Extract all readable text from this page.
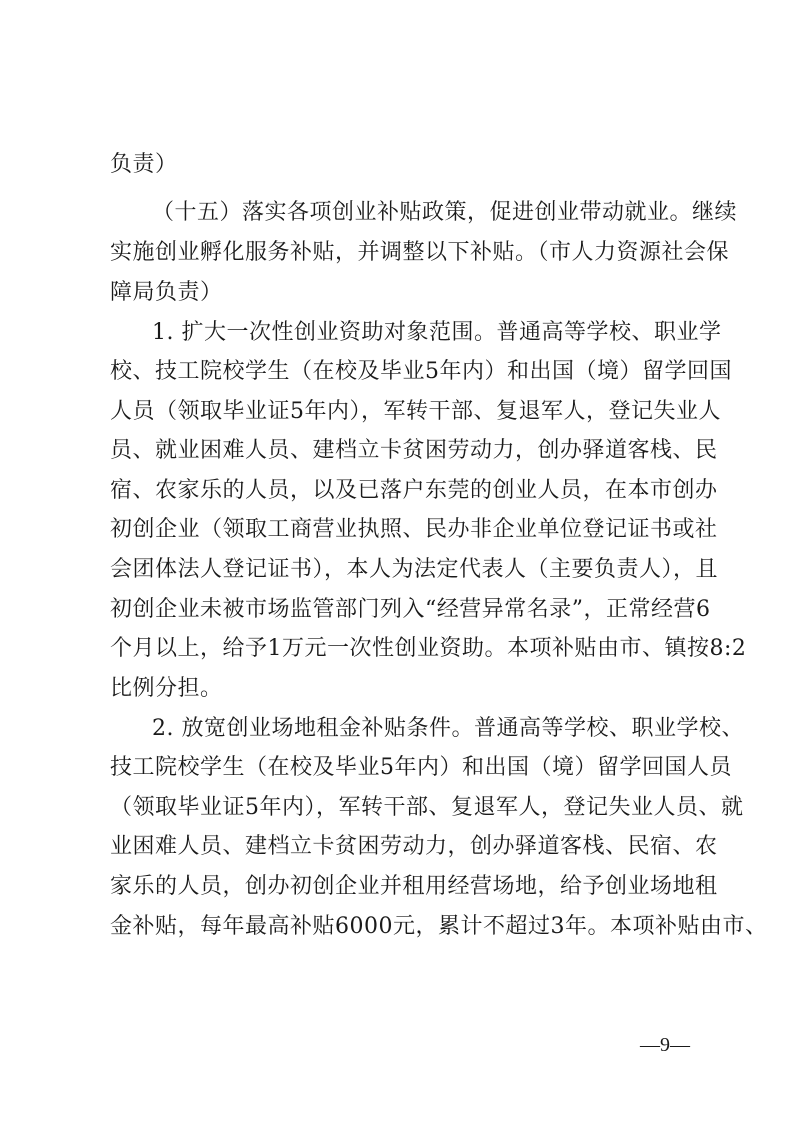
负责）
（十五）落实各项创业补贴政策，促进创业带动就业。继续
实施创业孵化服务补贴，并调整以下补贴。（市人力资源社会保
障局负责）
1. 扩大一次性创业资助对象范围。普通高等学校、职业学
校、技工院校学生（在校及毕业5年内）和出国（境）留学回国
人员（领取毕业证5年内），军转干部、复退军人，登记失业人
员、就业困难人员、建档立卡贫困劳动力，创办驿道客栈、民
宿、农家乐的人员，以及已落户东莞的创业人员，在本市创办
初创企业（领取工商营业执照、民办非企业单位登记证书或社
会团体法人登记证书），本人为法定代表人（主要负责人），且
初创企业未被市场监管部门列入“经营异常名录”，正常经营6
个月以上，给予1万元一次性创业资助。本项补贴由市、镇按8:2
比例分担。
2. 放宽创业场地租金补贴条件。普通高等学校、职业学校、
技工院校学生（在校及毕业5年内）和出国（境）留学回国人员
（领取毕业证5年内），军转干部、复退军人，登记失业人员、就
业困难人员、建档立卡贫困劳动力，创办驿道客栈、民宿、农
家乐的人员，创办初创企业并租用经营场地，给予创业场地租
金补贴，每年最高补贴6000元，累计不超过3年。本项补贴由市、
—9—
